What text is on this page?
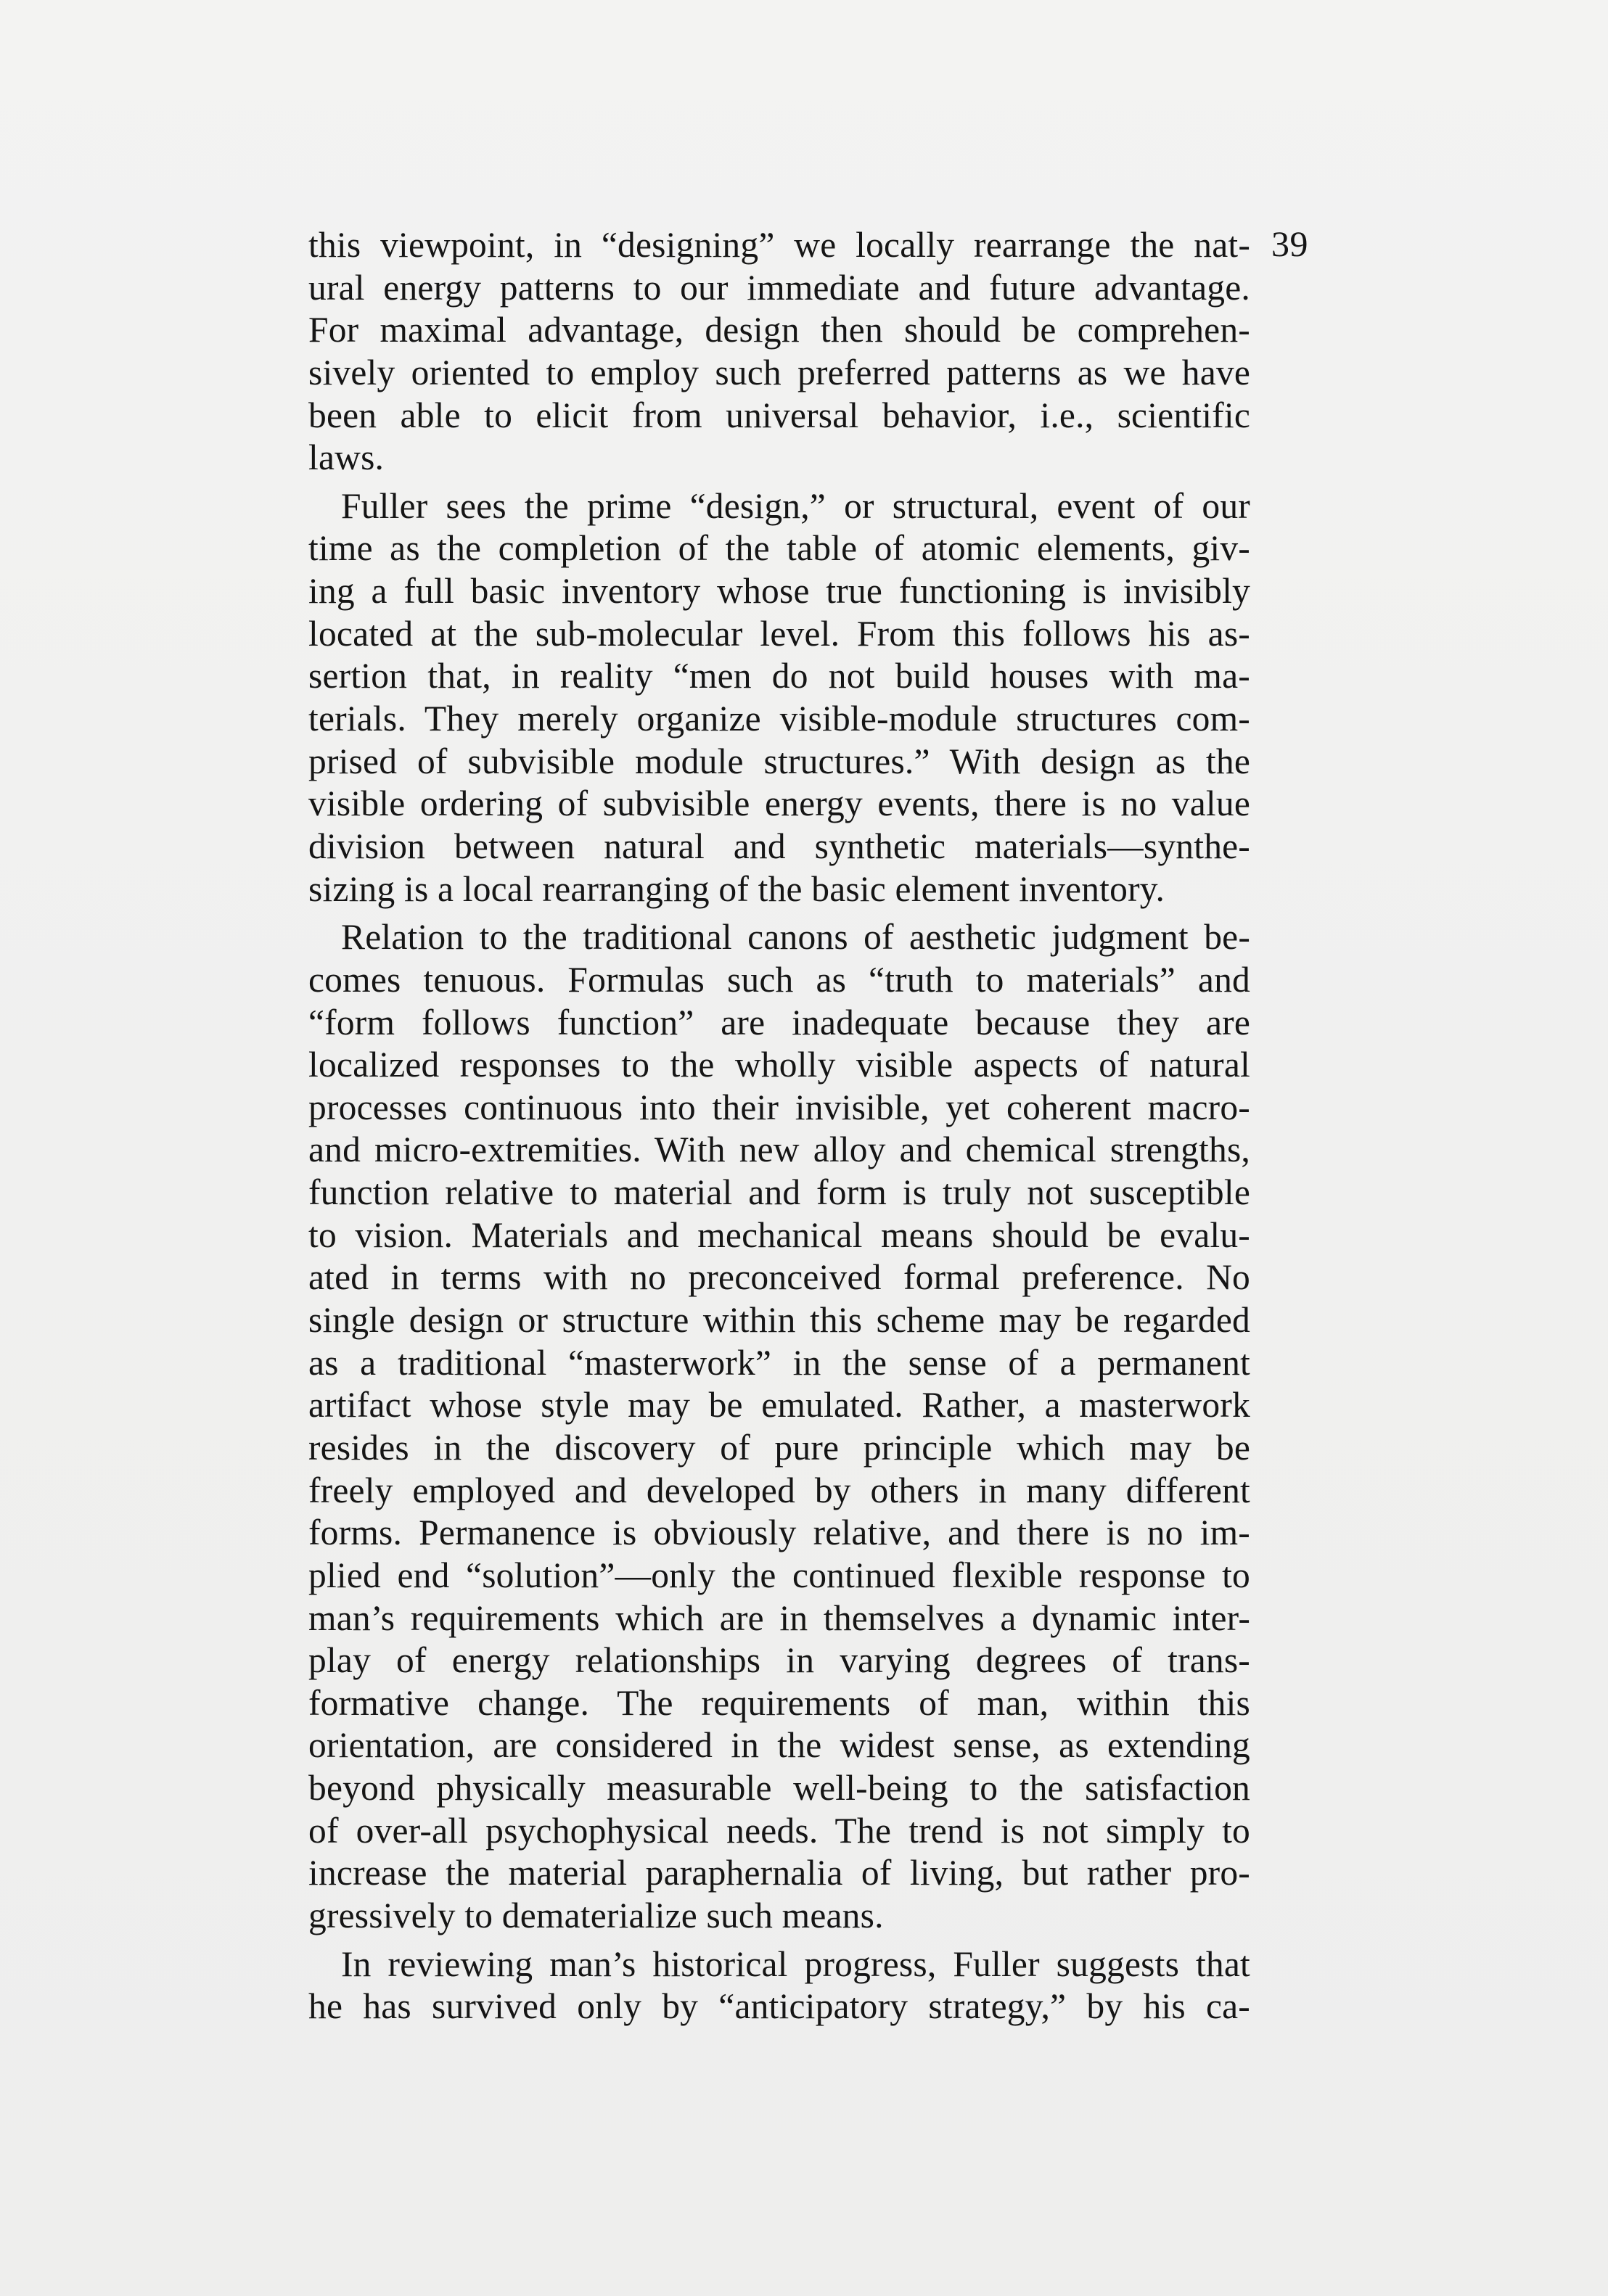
39
this viewpoint, in “designing” we locally rearrange the nat-
ural energy patterns to our immediate and future advantage.
For maximal advantage, design then should be comprehen-
sively oriented to employ such preferred patterns as we have
been able to elicit from universal behavior, i.e., scientific
laws.
Fuller sees the prime “design,” or structural, event of our
time as the completion of the table of atomic elements, giv-
ing a full basic inventory whose true functioning is invisibly
located at the sub-molecular level. From this follows his as-
sertion that, in reality “men do not build houses with ma-
terials. They merely organize visible-module structures com-
prised of subvisible module structures.” With design as the
visible ordering of subvisible energy events, there is no value
division between natural and synthetic materials—synthe-
sizing is a local rearranging of the basic element inventory.
Relation to the traditional canons of aesthetic judgment be-
comes tenuous. Formulas such as “truth to materials” and
“form follows function” are inadequate because they are
localized responses to the wholly visible aspects of natural
processes continuous into their invisible, yet coherent macro-
and micro-extremities. With new alloy and chemical strengths,
function relative to material and form is truly not susceptible
to vision. Materials and mechanical means should be evalu-
ated in terms with no preconceived formal preference. No
single design or structure within this scheme may be regarded
as a traditional “masterwork” in the sense of a permanent
artifact whose style may be emulated. Rather, a masterwork
resides in the discovery of pure principle which may be
freely employed and developed by others in many different
forms. Permanence is obviously relative, and there is no im-
plied end “solution”—only the continued flexible response to
man’s requirements which are in themselves a dynamic inter-
play of energy relationships in varying degrees of trans-
formative change. The requirements of man, within this
orientation, are considered in the widest sense, as extending
beyond physically measurable well-being to the satisfaction
of over-all psychophysical needs. The trend is not simply to
increase the material paraphernalia of living, but rather pro-
gressively to dematerialize such means.
In reviewing man’s historical progress, Fuller suggests that
he has survived only by “anticipatory strategy,” by his ca-
